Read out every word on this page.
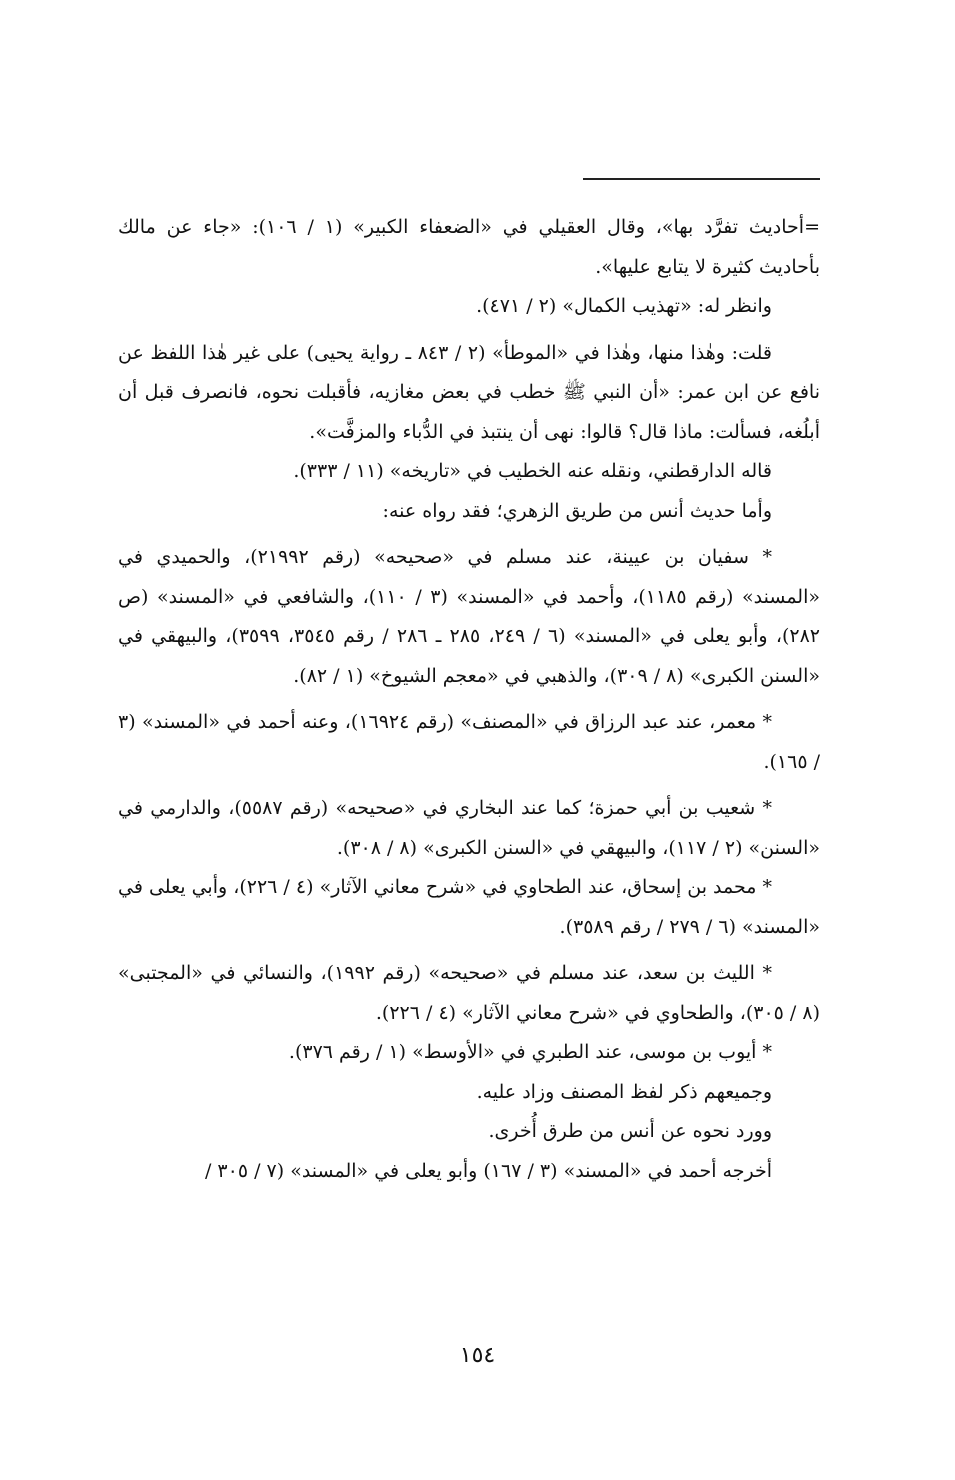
=أحاديث تفرَّد بها»، وقال العقيلي في «الضعفاء الكبير» (١ / ١٠٦): «جاء عن مالك بأحاديث كثيرة لا يتابع عليها».

وانظر له: «تهذيب الكمال» (٢ / ٤٧١).

قلت: وهٰذا منها، وهٰذا في «الموطأ» (٢ / ٨٤٣ ـ رواية يحيى) على غير هٰذا اللفظ عن نافع عن ابن عمر: «أن النبي ﷺ خطب في بعض مغازيه، فأقبلت نحوه، فانصرف قبل أن أبلُغه، فسألت: ماذا قال؟ قالوا: نهى أن ينتبذ في الدُّباء والمزفَّت».

قاله الدارقطني، ونقله عنه الخطيب في «تاريخه» (١١ / ٣٣٣).

وأما حديث أنس من طريق الزهري؛ فقد رواه عنه:

* سفيان بن عيينة، عند مسلم في «صحيحه» (رقم ٢١٩٩٢)، والحميدي في «المسند» (رقم ١١٨٥)، وأحمد في «المسند» (٣ / ١١٠)، والشافعي في «المسند» (ص ٢٨٢)، وأبو يعلى في «المسند» (٦ / ٢٤٩، ٢٨٥ ـ ٢٨٦ / رقم ٣٥٤٥، ٣٥٩٩)، والبيهقي في «السنن الكبرى» (٨ / ٣٠٩)، والذهبي في «معجم الشيوخ» (١ / ٨٢).

* معمر، عند عبد الرزاق في «المصنف» (رقم ١٦٩٢٤)، وعنه أحمد في «المسند» (٣ / ١٦٥).

* شعيب بن أبي حمزة؛ كما عند البخاري في «صحيحه» (رقم ٥٥٨٧)، والدارمي في «السنن» (٢ / ١١٧)، والبيهقي في «السنن الكبرى» (٨ / ٣٠٨).

* محمد بن إسحاق، عند الطحاوي في «شرح معاني الآثار» (٤ / ٢٢٦)، وأبي يعلى في «المسند» (٦ / ٢٧٩ / رقم ٣٥٨٩).

* الليث بن سعد، عند مسلم في «صحيحه» (رقم ١٩٩٢)، والنسائي في «المجتبى» (٨ / ٣٠٥)، والطحاوي في «شرح معاني الآثار» (٤ / ٢٢٦).

* أيوب بن موسى، عند الطبري في «الأوسط» (١ / رقم ٣٧٦).

وجميعهم ذكر لفظ المصنف وزاد عليه.

وورد نحوه عن أنس من طرق أُخرى.

أخرجه أحمد في «المسند» (٣ / ١٦٧) وأبو يعلى في «المسند» (٧ / ٣٠٥ /

١٥٤
